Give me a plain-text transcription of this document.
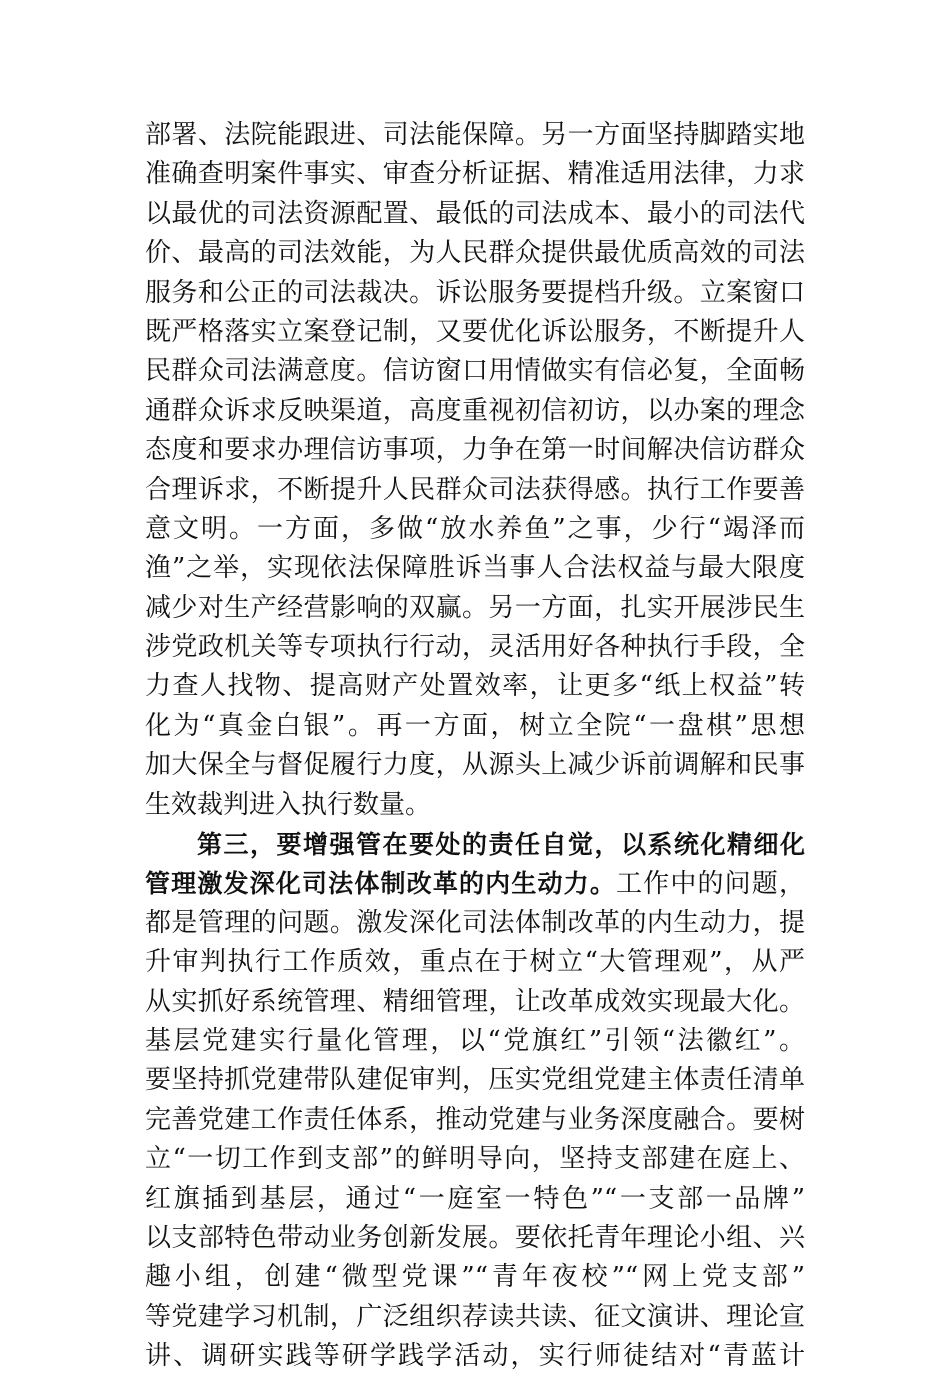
部署、法院能跟进、司法能保障。另一方面坚持脚踏实地
准确查明案件事实、审查分析证据、精准适用法律，力求
以最优的司法资源配置、最低的司法成本、最小的司法代
价、最高的司法效能，为人民群众提供最优质高效的司法
服务和公正的司法裁决。诉讼服务要提档升级。立案窗口
既严格落实立案登记制，又要优化诉讼服务，不断提升人
民群众司法满意度。信访窗口用情做实有信必复，全面畅
通群众诉求反映渠道，高度重视初信初访，以办案的理念
态度和要求办理信访事项，力争在第一时间解决信访群众
合理诉求，不断提升人民群众司法获得感。执行工作要善
意文明。一方面，多做“放水养鱼”之事，少行“竭泽而
渔”之举，实现依法保障胜诉当事人合法权益与最大限度
减少对生产经营影响的双赢。另一方面，扎实开展涉民生
涉党政机关等专项执行行动，灵活用好各种执行手段，全
力查人找物、提高财产处置效率，让更多“纸上权益”转
化为“真金白银”。再一方面，树立全院“一盘棋”思想
加大保全与督促履行力度，从源头上减少诉前调解和民事
生效裁判进入执行数量。
第三，要增强管在要处的责任自觉，以系统化精细化
管理激发深化司法体制改革的内生动力。工作中的问题，
都是管理的问题。激发深化司法体制改革的内生动力，提
升审判执行工作质效，重点在于树立“大管理观”，从严
从实抓好系统管理、精细管理，让改革成效实现最大化。
基层党建实行量化管理，以“党旗红”引领“法徽红”。
要坚持抓党建带队建促审判，压实党组党建主体责任清单
完善党建工作责任体系，推动党建与业务深度融合。要树
立“一切工作到支部”的鲜明导向，坚持支部建在庭上、
红旗插到基层，通过“一庭室一特色”“一支部一品牌”
以支部特色带动业务创新发展。要依托青年理论小组、兴
趣小组，创建“微型党课”“青年夜校”“网上党支部”
等党建学习机制，广泛组织荐读共读、征文演讲、理论宣
讲、调研实践等研学践学活动，实行师徒结对“青蓝计
